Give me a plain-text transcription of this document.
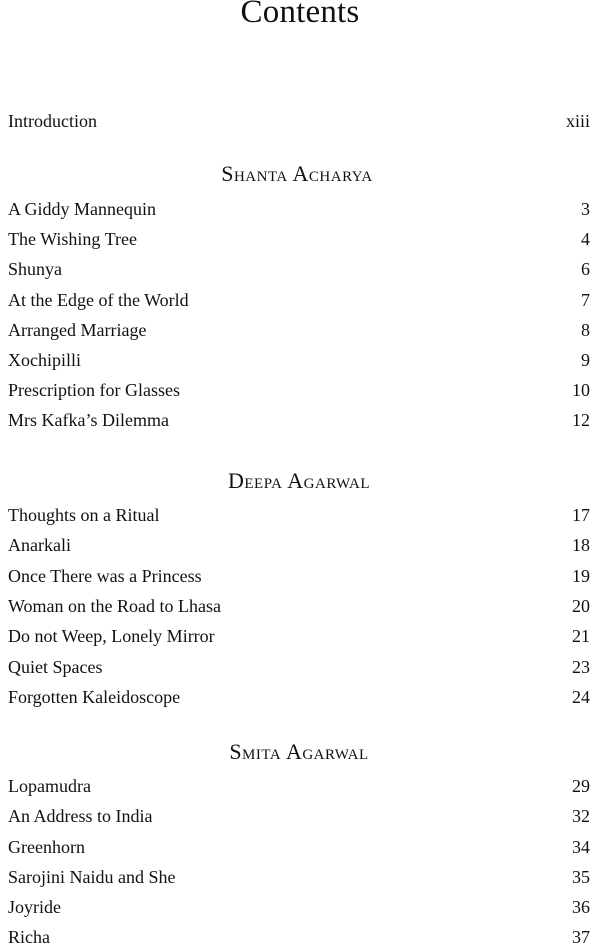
Contents
Introduction	xiii
Shanta Acharya
A Giddy Mannequin	3
The Wishing Tree	4
Shunya	6
At the Edge of the World	7
Arranged Marriage	8
Xochipilli	9
Prescription for Glasses	10
Mrs Kafka’s Dilemma	12
Deepa Agarwal
Thoughts on a Ritual	17
Anarkali	18
Once There was a Princess	19
Woman on the Road to Lhasa	20
Do not Weep, Lonely Mirror	21
Quiet Spaces	23
Forgotten Kaleidoscope	24
Smita Agarwal
Lopamudra	29
An Address to India	32
Greenhorn	34
Sarojini Naidu and She	35
Joyride	36
Richa	37
